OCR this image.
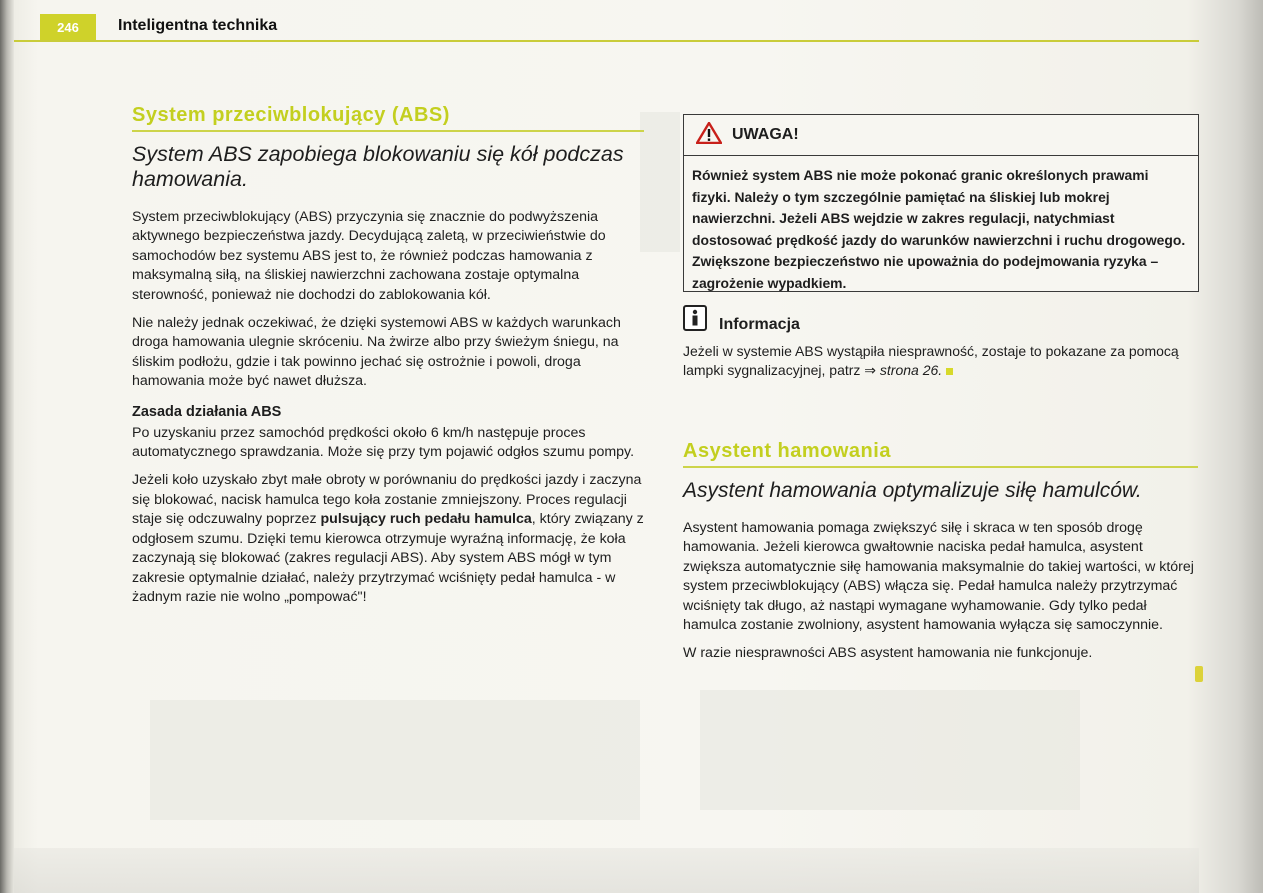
246	Inteligentna technika
System przeciwblokujący (ABS)
System ABS zapobiega blokowaniu się kół podczas hamowania.

System przeciwblokujący (ABS) przyczynia się znacznie do podwyższenia aktywnego bezpieczeństwa jazdy. Decydującą zaletą, w przeciwieństwie do samochodów bez systemu ABS jest to, że również podczas hamowania z maksymalną siłą, na śliskiej nawierzchni zachowana zostaje optymalna sterowność, ponieważ nie dochodzi do zablokowania kół.

Nie należy jednak oczekiwać, że dzięki systemowi ABS w każdych warunkach droga hamowania ulegnie skróceniu. Na żwirze albo przy świeżym śniegu, na śliskim podłożu, gdzie i tak powinno jechać się ostrożnie i powoli, droga hamowania może być nawet dłuższa.

Zasada działania ABS

Po uzyskaniu przez samochód prędkości około 6 km/h następuje proces automatycznego sprawdzania. Może się przy tym pojawić odgłos szumu pompy.

Jeżeli koło uzyskało zbyt małe obroty w porównaniu do prędkości jazdy i zaczyna się blokować, nacisk hamulca tego koła zostanie zmniejszony. Proces regulacji staje się odczuwalny poprzez pulsujący ruch pedału hamulca, który związany z odgłosem szumu. Dzięki temu kierowca otrzymuje wyraźną informację, że koła zaczynają się blokować (zakres regulacji ABS). Aby system ABS mógł w tym zakresie optymalnie działać, należy przytrzymać wciśnięty pedał hamulca - w żadnym razie nie wolno „pompować"!

UWAGA!
Również system ABS nie może pokonać granic określonych prawami fizyki. Należy o tym szczególnie pamiętać na śliskiej lub mokrej nawierzchni. Jeżeli ABS wejdzie w zakres regulacji, natychmiast dostosować prędkość jazdy do warunków nawierzchni i ruchu drogowego. Zwiększone bezpieczeństwo nie upoważnia do podejmowania ryzyka – zagrożenie wypadkiem.
Informacja

Jeżeli w systemie ABS wystąpiła niesprawność, zostaje to pokazane za pomocą lampki sygnalizacyjnej, patrz ⇒ strona 26.

Asystent hamowania
Asystent hamowania optymalizuje siłę hamulców.

Asystent hamowania pomaga zwiększyć siłę i skraca w ten sposób drogę hamowania. Jeżeli kierowca gwałtownie naciska pedał hamulca, asystent zwiększa automatycznie siłę hamowania maksymalnie do takiej wartości, w której system przeciwblokujący (ABS) włącza się. Pedał hamulca należy przytrzymać wciśnięty tak długo, aż nastąpi wymagane wyhamowanie. Gdy tylko pedał hamulca zostanie zwolniony, asystent hamowania wyłącza się samoczynnie.

W razie niesprawności ABS asystent hamowania nie funkcjonuje.
